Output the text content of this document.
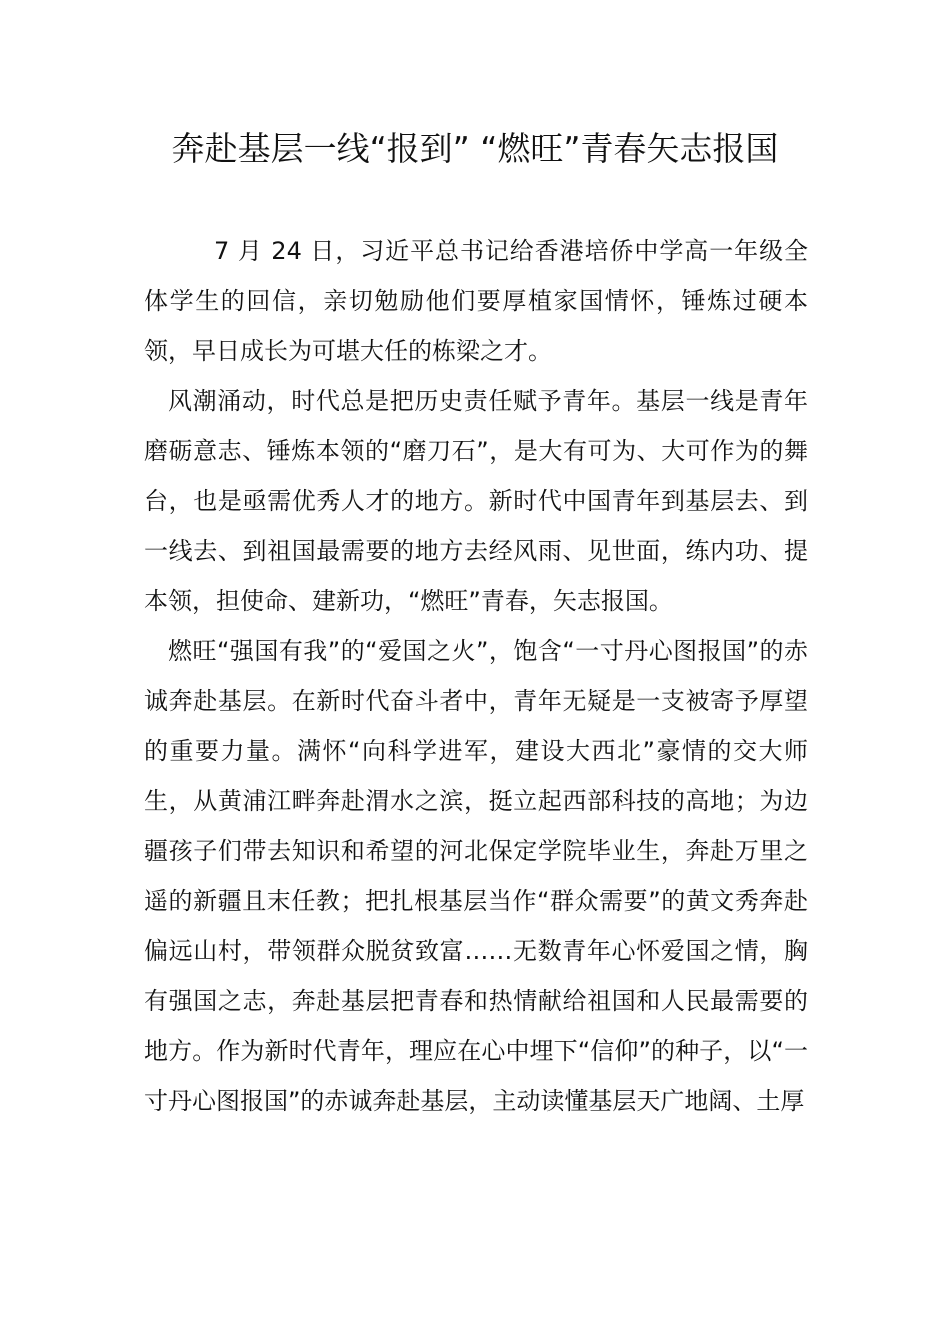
奔赴基层一线“报到” “燃旺”青春矢志报国

7 月 24 日，习近平总书记给香港培侨中学高一年级全体学生的回信，亲切勉励他们要厚植家国情怀，锤炼过硬本领，早日成长为可堪大任的栋梁之才。

风潮涌动，时代总是把历史责任赋予青年。基层一线是青年磨砺意志、锤炼本领的“磨刀石”，是大有可为、大可作为的舞台，也是亟需优秀人才的地方。新时代中国青年到基层去、到一线去、到祖国最需要的地方去经风雨、见世面，练内功、提本领，担使命、建新功，“燃旺”青春，矢志报国。

燃旺“强国有我”的“爱国之火”，饱含“一寸丹心图报国”的赤诚奔赴基层。在新时代奋斗者中，青年无疑是一支被寄予厚望的重要力量。满怀“向科学进军，建设大西北”豪情的交大师生，从黄浦江畔奔赴渭水之滨，挺立起西部科技的高地；为边疆孩子们带去知识和希望的河北保定学院毕业生，奔赴万里之遥的新疆且末任教；把扎根基层当作“群众需要”的黄文秀奔赴偏远山村，带领群众脱贫致富……无数青年心怀爱国之情，胸有强国之志，奔赴基层把青春和热情献给祖国和人民最需要的地方。作为新时代青年，理应在心中埋下“信仰”的种子，以“一寸丹心图报国”的赤诚奔赴基层，主动读懂基层天广地阔、土厚
